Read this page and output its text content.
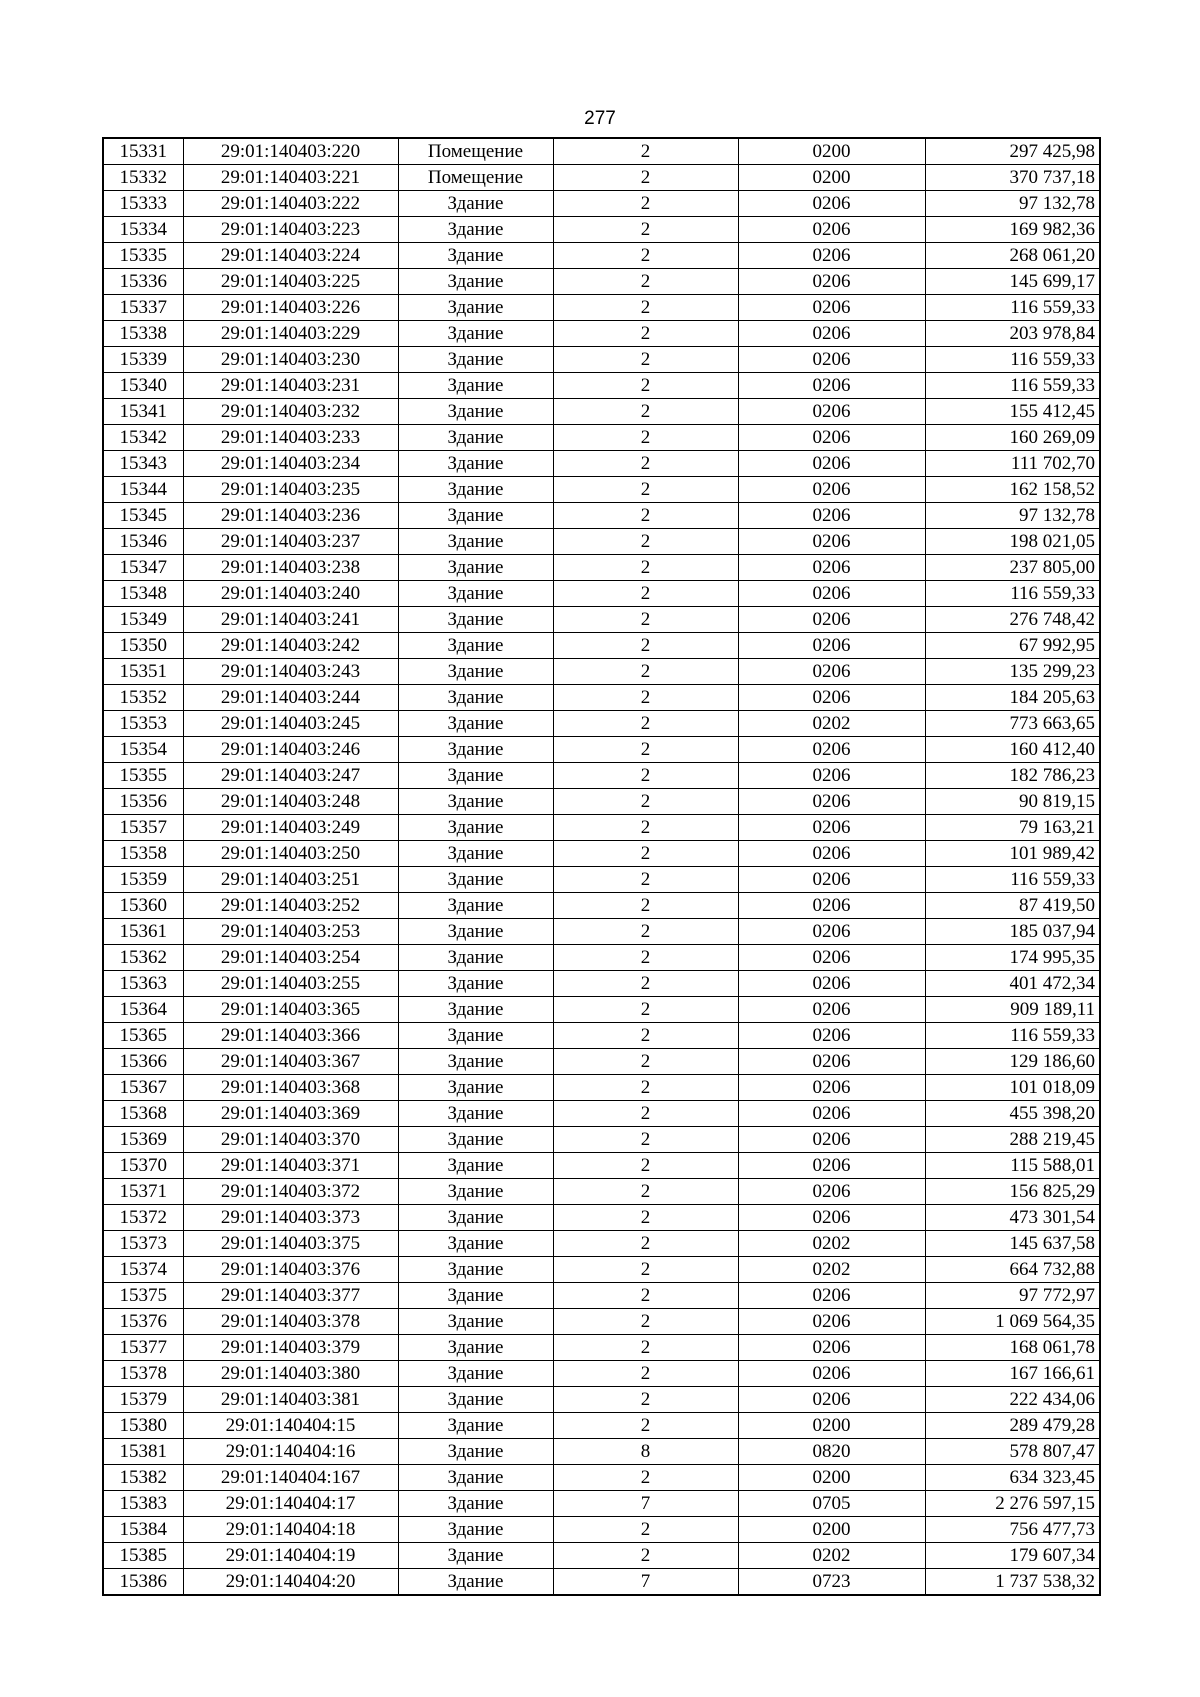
277
15331	29:01:140403:220	Помещение	2	0200	297 425,98
15332	29:01:140403:221	Помещение	2	0200	370 737,18
15333	29:01:140403:222	Здание	2	0206	97 132,78
15334	29:01:140403:223	Здание	2	0206	169 982,36
15335	29:01:140403:224	Здание	2	0206	268 061,20
15336	29:01:140403:225	Здание	2	0206	145 699,17
15337	29:01:140403:226	Здание	2	0206	116 559,33
15338	29:01:140403:229	Здание	2	0206	203 978,84
15339	29:01:140403:230	Здание	2	0206	116 559,33
15340	29:01:140403:231	Здание	2	0206	116 559,33
15341	29:01:140403:232	Здание	2	0206	155 412,45
15342	29:01:140403:233	Здание	2	0206	160 269,09
15343	29:01:140403:234	Здание	2	0206	111 702,70
15344	29:01:140403:235	Здание	2	0206	162 158,52
15345	29:01:140403:236	Здание	2	0206	97 132,78
15346	29:01:140403:237	Здание	2	0206	198 021,05
15347	29:01:140403:238	Здание	2	0206	237 805,00
15348	29:01:140403:240	Здание	2	0206	116 559,33
15349	29:01:140403:241	Здание	2	0206	276 748,42
15350	29:01:140403:242	Здание	2	0206	67 992,95
15351	29:01:140403:243	Здание	2	0206	135 299,23
15352	29:01:140403:244	Здание	2	0206	184 205,63
15353	29:01:140403:245	Здание	2	0202	773 663,65
15354	29:01:140403:246	Здание	2	0206	160 412,40
15355	29:01:140403:247	Здание	2	0206	182 786,23
15356	29:01:140403:248	Здание	2	0206	90 819,15
15357	29:01:140403:249	Здание	2	0206	79 163,21
15358	29:01:140403:250	Здание	2	0206	101 989,42
15359	29:01:140403:251	Здание	2	0206	116 559,33
15360	29:01:140403:252	Здание	2	0206	87 419,50
15361	29:01:140403:253	Здание	2	0206	185 037,94
15362	29:01:140403:254	Здание	2	0206	174 995,35
15363	29:01:140403:255	Здание	2	0206	401 472,34
15364	29:01:140403:365	Здание	2	0206	909 189,11
15365	29:01:140403:366	Здание	2	0206	116 559,33
15366	29:01:140403:367	Здание	2	0206	129 186,60
15367	29:01:140403:368	Здание	2	0206	101 018,09
15368	29:01:140403:369	Здание	2	0206	455 398,20
15369	29:01:140403:370	Здание	2	0206	288 219,45
15370	29:01:140403:371	Здание	2	0206	115 588,01
15371	29:01:140403:372	Здание	2	0206	156 825,29
15372	29:01:140403:373	Здание	2	0206	473 301,54
15373	29:01:140403:375	Здание	2	0202	145 637,58
15374	29:01:140403:376	Здание	2	0202	664 732,88
15375	29:01:140403:377	Здание	2	0206	97 772,97
15376	29:01:140403:378	Здание	2	0206	1 069 564,35
15377	29:01:140403:379	Здание	2	0206	168 061,78
15378	29:01:140403:380	Здание	2	0206	167 166,61
15379	29:01:140403:381	Здание	2	0206	222 434,06
15380	29:01:140404:15	Здание	2	0200	289 479,28
15381	29:01:140404:16	Здание	8	0820	578 807,47
15382	29:01:140404:167	Здание	2	0200	634 323,45
15383	29:01:140404:17	Здание	7	0705	2 276 597,15
15384	29:01:140404:18	Здание	2	0200	756 477,73
15385	29:01:140404:19	Здание	2	0202	179 607,34
15386	29:01:140404:20	Здание	7	0723	1 737 538,32
